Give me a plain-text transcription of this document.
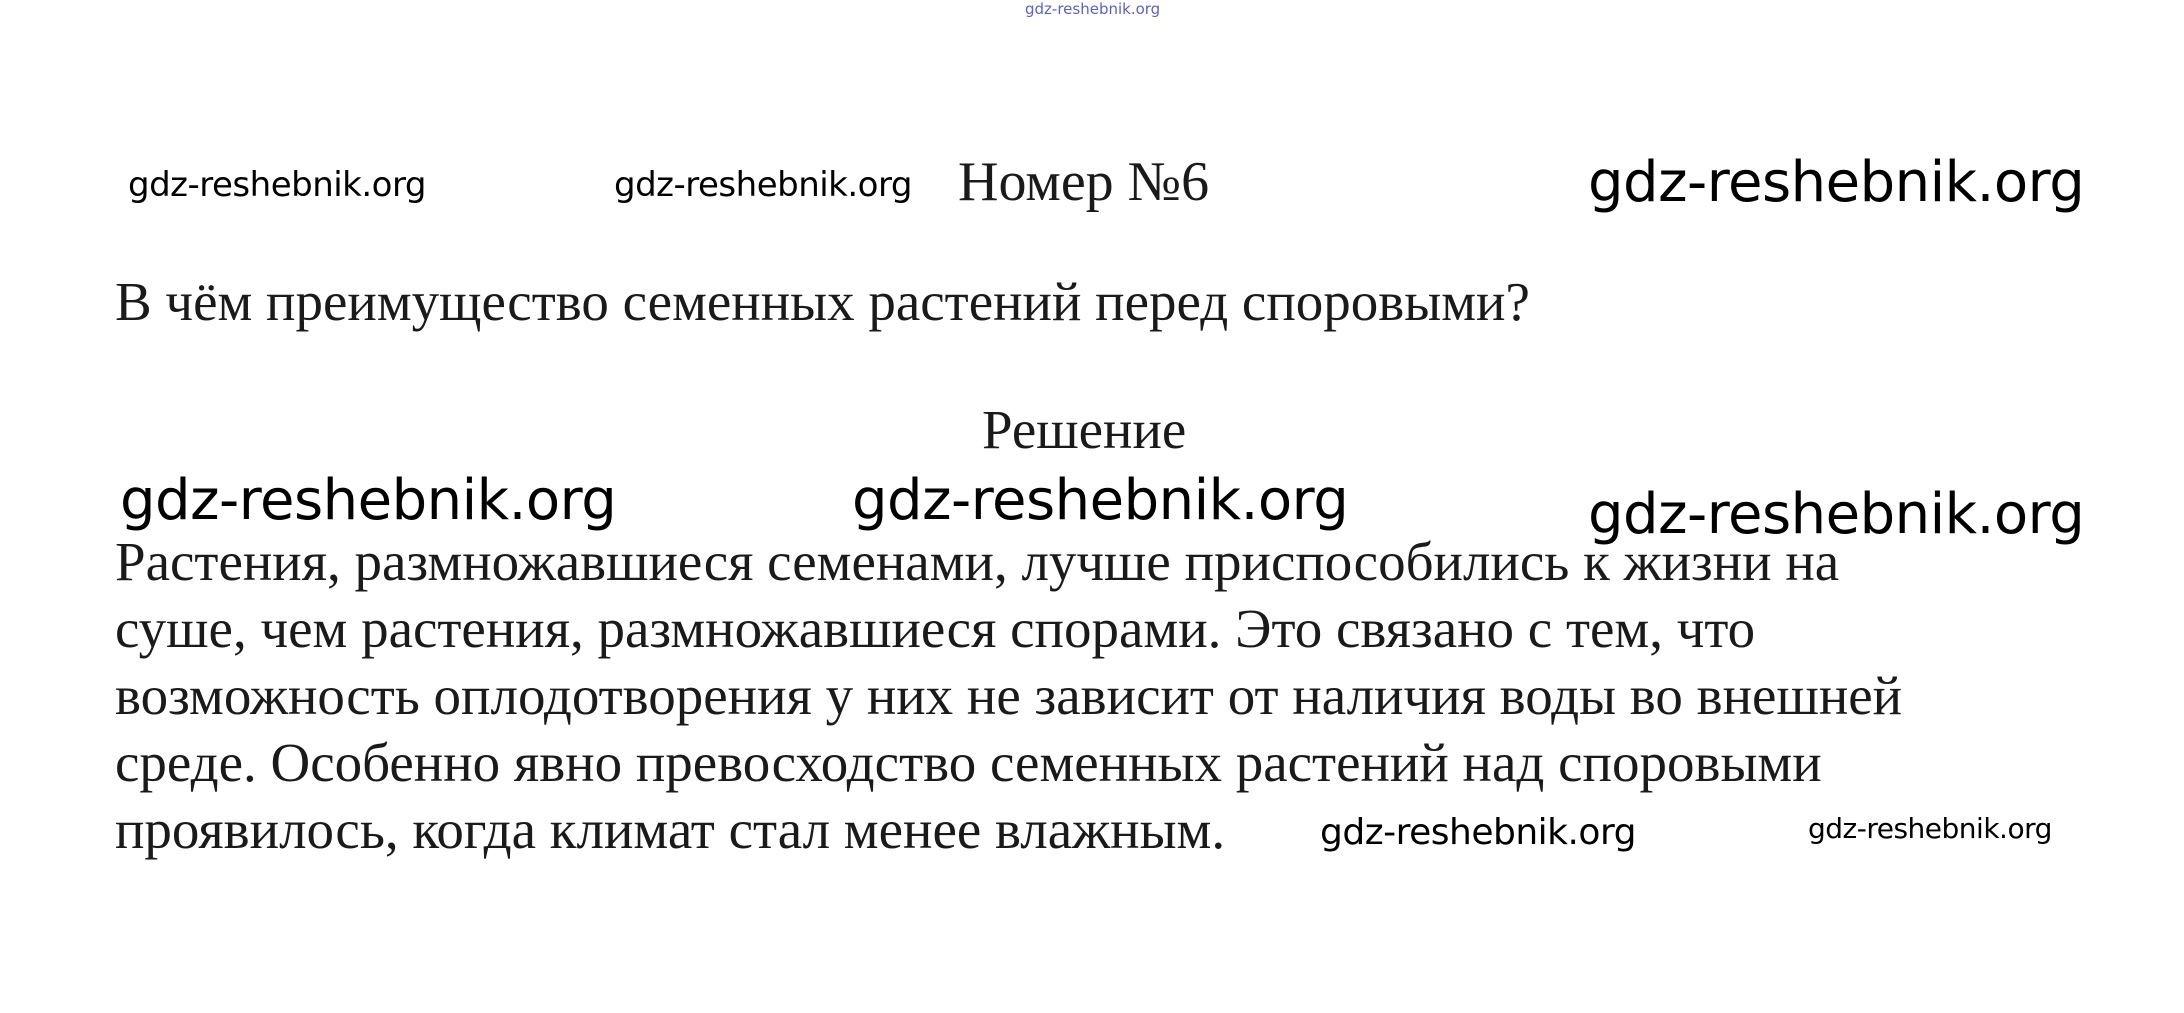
gdz-reshebnik.org
gdz-reshebnik.org	gdz-reshebnik.org	gdz-reshebnik.org
gdz-reshebnik.org	gdz-reshebnik.org	gdz-reshebnik.org
gdz-reshebnik.org	gdz-reshebnik.org
Номер №6
В чём преимущество семенных растений перед споровыми?
Решение
Растения, размножавшиеся семенами, лучше приспособились к жизни на
суше, чем растения, размножавшиеся спорами. Это связано с тем, что
возможность оплодотворения у них не зависит от наличия воды во внешней
среде. Особенно явно превосходство семенных растений над споровыми
проявилось, когда климат стал менее влажным.
